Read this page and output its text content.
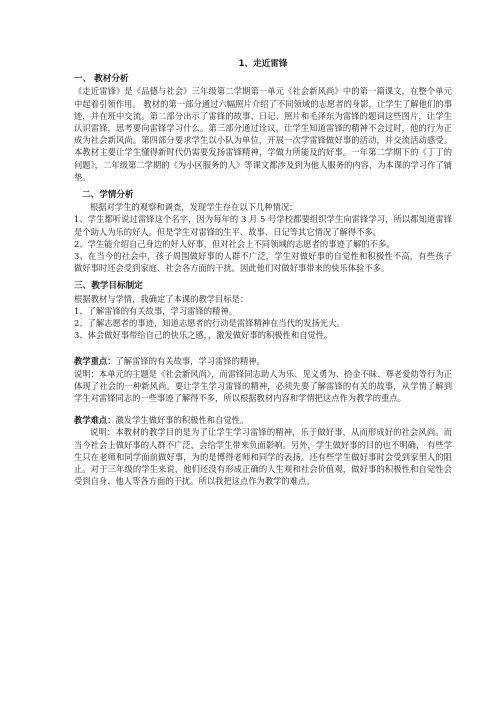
1、走近雷锋
一、 教材分析

《走近雷锋》是《品德与社会》三年级第二学期第一单元《社会新风尚》中的第一篇课文，在整个单元中起着引领作用。 教材的第一部分通过六幅照片介绍了不同领域的志愿者的身影，让学生了解他们的事迹，并在班中交流。第二部分出示了雷锋的故事、日记、照片和毛泽东为雷锋的题词这些图片，让学生认识雷锋，思考要向雷锋学习什么。第三部分通过诠议，让学生知道雷锋的精神不会过时，他的行为正成为社会新风尚。第四部分要求学生以小队为单位，开展一次学雷锋做好事的活动，并交流活动感受。本教材主要让学生懂得新时代仍需要发扬雷锋精神，学做力所能及的好事。一年第二学期下的《丁丁的问题》，二年级第二学期的《为小区服务的人》等课文都涉及到为他人服务的内容，为本课的学习作了铺垫。

二、学情分析

根据对学生的观察和调查，发现学生存在以下几种情况：

1、学生都听说过雷锋这个名字，因为每年的 3 月 5 号学校都要组织学生向雷锋学习，所以都知道雷锋是个助人为乐的好人。但是学生对雷锋的生平、故事、日记等其它情况了解得不多。

2、学生能介绍自己身边的好人好事，但对社会上不同领域的志愿者的事迹了解的不多。

3、在当今的社会中，孩子周围做好事的人群不广泛，学生对做好事的自觉性和积极性不高，有些孩子做好事时还会受到家庭、社会各方面的干扰。因此他们对做好事带来的快乐体验不多。

三、教学目标制定

根据教材与学情，我确定了本课的教学目标是：

1、了解雷锋的有关故事，学习雷锋的精神。

2、了解志愿者的事迹，知道志愿者的行动是雷锋精神在当代的发扬光大。

3、体会做好事带给自己的快乐之感，，激发做好事的积极性和自觉性。

教学重点：了解雷锋的有关故事，学习雷锋的精神。

说明：本单元的主题是《社会新风尚》，而雷锋同志助人为乐、见义勇为、拾金不昧、尊老爱幼等行为正体现了社会的一种新风尚。要让学生学习雷锋的精神，必须先要了解雷锋的有关的故事，从学情了解到学生对雷锋同志的一些事迹了解得不多，所以根据教材内容和学情把这点作为教学的重点。

教学难点：激发学生做好事的积极性和自觉性。

说明：本教材的教学目的是为了让学生学习雷锋的精神，乐于做好事，从而形成好的社会风尚。而当今社会上做好事的人群不广泛，会给学生带来负面影响。另外，学生做好事的目的也不明确， 有些学生只在老师和同学面前做好事，为的是博得老师和同学的表扬。还有些学生做好事时会受到家里人的阻止。对于三年级的学生来说，他们还没有形成正确的人生观和社会价值观，做好事的积极性和自觉性会受到自身、他人等各方面的干扰。所以我把这点作为教学的难点。
